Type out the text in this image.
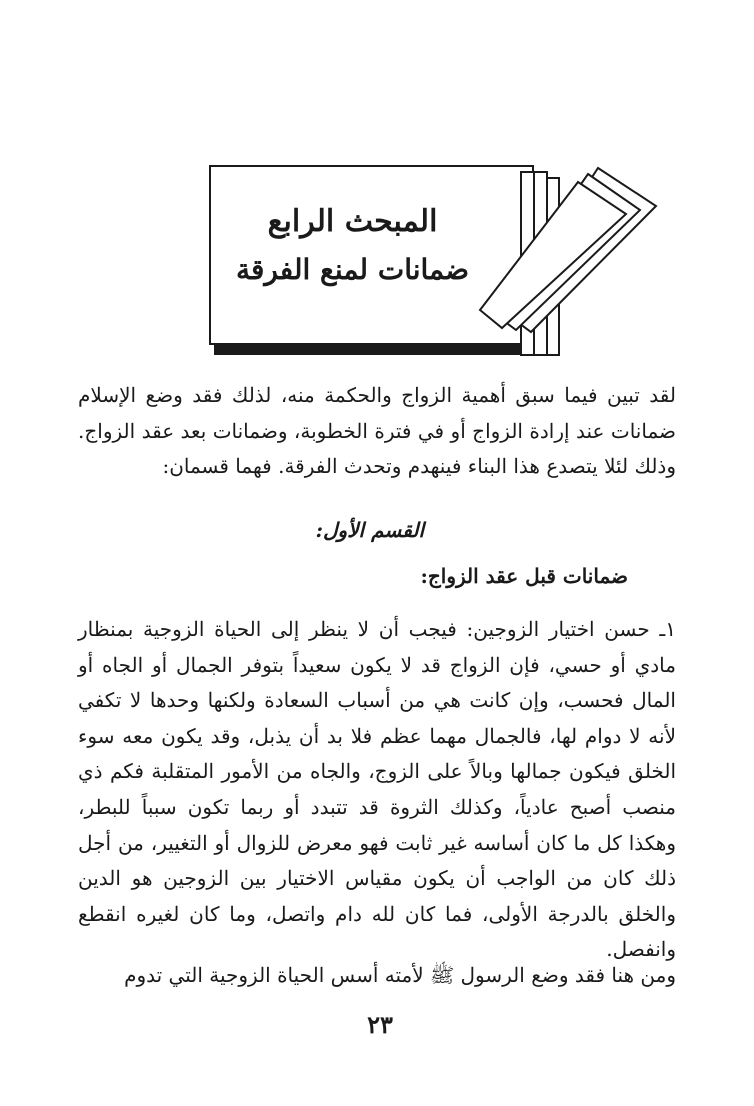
المبحث الرابع
ضمانات لمنع الفرقة
لقد تبين فيما سبق أهمية الزواج والحكمة منه، لذلك فقد وضع الإسلام ضمانات عند إرادة الزواج أو في فترة الخطوبة، وضمانات بعد عقد الزواج. وذلك لئلا يتصدع هذا البناء فينهدم وتحدث الفرقة. فهما قسمان:
القسم الأول:
ضمانات قبل عقد الزواج:
١ـ حسن اختيار الزوجين: فيجب أن لا ينظر إلى الحياة الزوجية بمنظار مادي أو حسي، فإن الزواج قد لا يكون سعيداً بتوفر الجمال أو الجاه أو المال فحسب، وإن كانت هي من أسباب السعادة ولكنها وحدها لا تكفي لأنه لا دوام لها، فالجمال مهما عظم فلا بد أن يذبل، وقد يكون معه سوء الخلق فيكون جمالها وبالاً على الزوج، والجاه من الأمور المتقلبة فكم ذي منصب أصبح عادياً، وكذلك الثروة قد تتبدد أو ربما تكون سبباً للبطر، وهكذا كل ما كان أساسه غير ثابت فهو معرض للزوال أو التغيير، من أجل ذلك كان من الواجب أن يكون مقياس الاختيار بين الزوجين هو الدين والخلق بالدرجة الأولى، فما كان لله دام واتصل، وما كان لغيره انقطع وانفصل.
ومن هنا فقد وضع الرسول ﷺ لأمته أسس الحياة الزوجية التي تدوم
٢٣
